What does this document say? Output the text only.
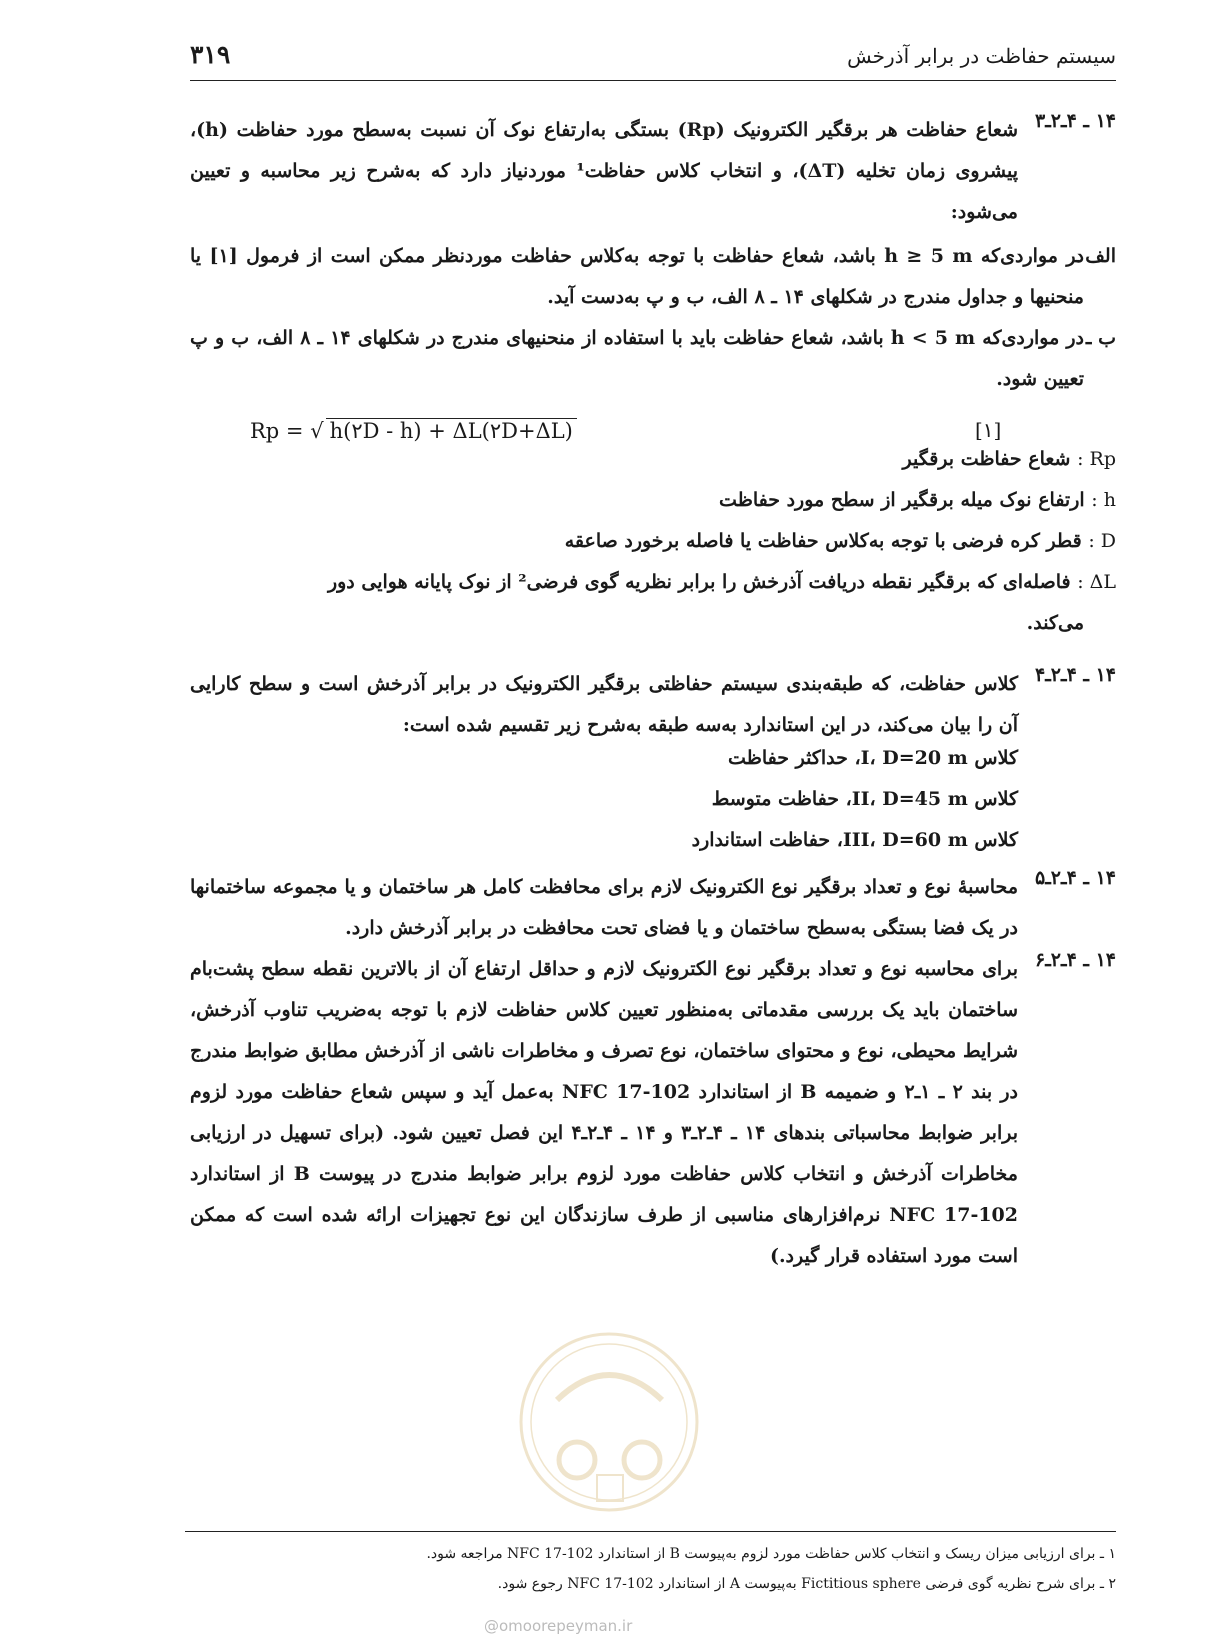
سیستم حفاظت در برابر آذرخش
۳۱۹
۱۴ ـ ۴ـ۲ـ۳
شعاع حفاظت هر برقگیر الکترونیک (Rp) بستگی به‌ارتفاع نوک آن نسبت به‌سطح مورد حفاظت (h)، پیشروی زمان تخلیه (ΔT)، و انتخاب کلاس حفاظت¹ موردنیاز دارد که به‌شرح زیر محاسبه و تعیین می‌شود:
الف ـ
در مواردی‌که h ≥ 5 m باشد، شعاع حفاظت با توجه به‌کلاس حفاظت موردنظر ممکن است از فرمول [۱] یا منحنیها و جداول مندرج در شکلهای ۱۴ ـ ۸ الف، ب و پ به‌دست آید.
ب ـ
در مواردی‌که h < 5 m باشد، شعاع حفاظت باید با استفاده از منحنیهای مندرج در شکلهای ۱۴ ـ ۸ الف، ب و پ تعیین شود.
Rp = √ h(۲D - h) + ΔL(۲D+ΔL)	[۱]
Rp : شعاع حفاظت برقگیر
h : ارتفاع نوک میله برقگیر از سطح مورد حفاظت
D : قطر کره فرضی با توجه به‌کلاس حفاظت یا فاصله برخورد صاعقه
ΔL : فاصله‌ای که برقگیر نقطه دریافت آذرخش را برابر نظریه گوی فرضی² از نوک پایانه هوایی دور
می‌کند.
۱۴ ـ ۴ـ۲ـ۴
کلاس حفاظت، که طبقه‌بندی سیستم حفاظتی برقگیر الکترونیک در برابر آذرخش است و سطح کارایی آن را بیان می‌کند، در این استاندارد به‌سه طبقه به‌شرح زیر تقسیم شده است:
کلاس I، D=20 m، حداکثر حفاظت
کلاس II، D=45 m، حفاظت متوسط
کلاس III، D=60 m، حفاظت استاندارد
۱۴ ـ ۴ـ۲ـ۵
محاسبهٔ نوع و تعداد برقگیر نوع الکترونیک لازم برای محافظت کامل هر ساختمان و یا مجموعه ساختمانها در یک فضا بستگی به‌سطح ساختمان و یا فضای تحت محافظت در برابر آذرخش دارد.
۱۴ ـ ۴ـ۲ـ۶
برای محاسبه نوع و تعداد برقگیر نوع الکترونیک لازم و حداقل ارتفاع آن از بالاترین نقطه سطح پشت‌بام ساختمان باید یک بررسی مقدماتی به‌منظور تعیین کلاس حفاظت لازم با توجه به‌ضریب تناوب آذرخش، شرایط محیطی، نوع و محتوای ساختمان، نوع تصرف و مخاطرات ناشی از آذرخش مطابق ضوابط مندرج در بند ۲ ـ ۱ـ۲ و ضمیمه B از استاندارد NFC 17-102 به‌عمل آید و سپس شعاع حفاظت مورد لزوم برابر ضوابط محاسباتی بندهای ۱۴ ـ ۴ـ۲ـ۳ و ۱۴ ـ ۴ـ۲ـ۴ این فصل تعیین شود. (برای تسهیل در ارزیابی مخاطرات آذرخش و انتخاب کلاس حفاظت مورد لزوم برابر ضوابط مندرج در پیوست B از استاندارد NFC 17-102 نرم‌افزارهای مناسبی از طرف سازندگان این نوع تجهیزات ارائه شده است که ممکن است مورد استفاده قرار گیرد.)
@omoorepeyman.ir
۱ ـ برای ارزیابی میزان ریسک و انتخاب کلاس حفاظت مورد لزوم به‌پیوست B از استاندارد NFC 17-102 مراجعه شود.
۲ ـ برای شرح نظریه گوی فرضی Fictitious sphere به‌پیوست A از استاندارد NFC 17-102 رجوع شود.
